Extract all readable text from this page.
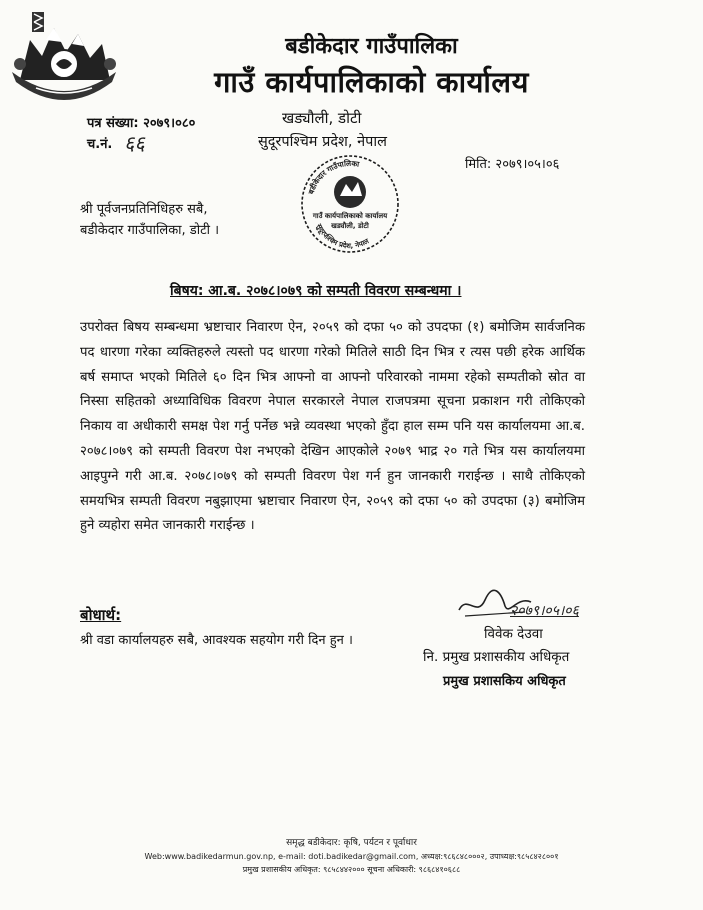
बडीकेदार गाउँपालिका
गाउँ कार्यपालिकाको कार्यालय
पत्र संख्या: २०७९।०८०
च.नं. ६६
खड्यौली, डोटी
सुदूरपश्चिम प्रदेश, नेपाल
मिति: २०७९।०५।०६
श्री पूर्वजनप्रतिनिधिहरु सबै,
बडीकेदार गाउँपालिका, डोटी ।
बडीकेदार गाउँपालिका
गाउँ कार्यपालिकाको कार्यालय
खड्यौली, डोटी
सुदूरपश्चिम प्रदेश, नेपाल
बिषय: आ.ब. २०७८।०७९ को सम्पती विवरण सम्बन्धमा ।
उपरोक्त बिषय सम्बन्धमा भ्रष्टाचार निवारण ऐन, २०५९ को दफा ५० को उपदफा (१) बमोजिम सार्वजनिक पद धारणा गरेका व्यक्तिहरुले त्यस्तो पद धारणा गरेको मितिले साठी दिन भित्र र त्यस पछी हरेक आर्थिक बर्ष समाप्त भएको मितिले ६० दिन भित्र आफ्नो वा आफ्नो परिवारको नाममा रहेको सम्पतीको स्रोत वा निस्सा सहितको अध्याविधिक विवरण नेपाल सरकारले नेपाल राजपत्रमा सूचना प्रकाशन गरी तोकिएको निकाय वा अधीकारी समक्ष पेश गर्नु पर्नेछ भन्ने व्यवस्था भएको हुँदा हाल सम्म पनि यस कार्यालयमा आ.ब. २०७८।०७९ को सम्पती विवरण पेश नभएको देखिन आएकोले २०७९ भाद्र २० गते भित्र यस कार्यालयमा आइपुग्ने गरी आ.ब. २०७८।०७९ को सम्पती विवरण पेश गर्न हुन जानकारी गराईन्छ । साथै तोकिएको समयभित्र सम्पती विवरण नबुझाएमा भ्रष्टाचार निवारण ऐन, २०५९ को दफा ५० को उपदफा (३) बमोजिम हुने व्यहोरा समेत जानकारी गराईन्छ ।
बोधार्थ:
श्री वडा कार्यालयहरु सबै, आवश्यक सहयोग गरी दिन हुन ।
२०७९।०५।०६
विवेक देउवा
नि. प्रमुख प्रशासकीय अधिकृत
प्रमुख प्रशासकिय अधिकृत
समृद्ध बडीकेदार: कृषि, पर्यटन र पूर्वाधार
Web:www.badikedarmun.gov.np, e-mail: doti.badikedar@gmail.com, अध्यक्ष:९८६८४८०००२, उपाध्यक्ष:९८५८४२८००१
प्रमुख प्रशासकीय अधिकृत: ९८५८४४२००० सूचना अधिकारी: ९८६८४१०६८८
